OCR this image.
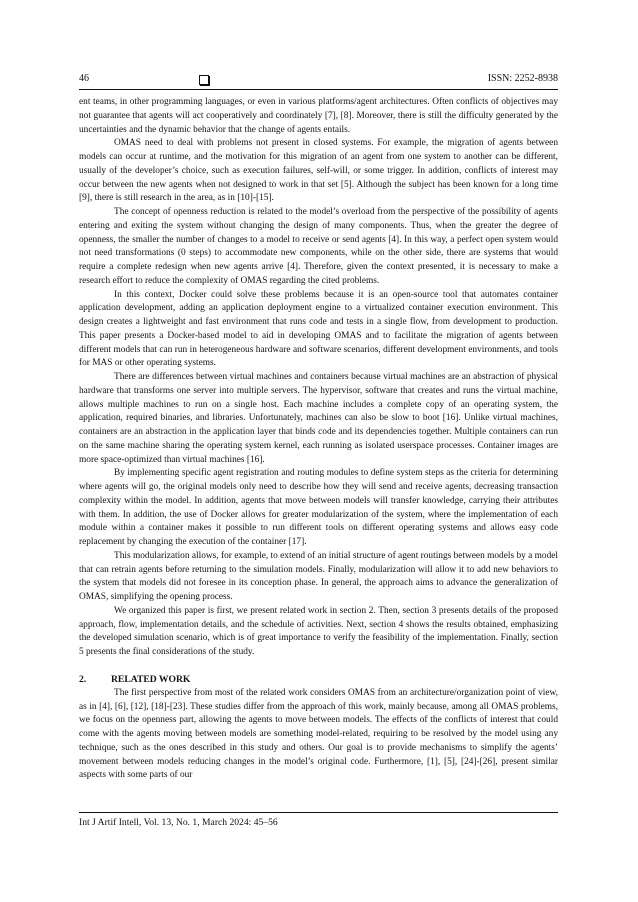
46	ISSN: 2252-8938

ent teams, in other programming languages, or even in various platforms/agent architectures. Often conflicts of objectives may not guarantee that agents will act cooperatively and coordinately [7], [8]. Moreover, there is still the difficulty generated by the uncertainties and the dynamic behavior that the change of agents entails.

OMAS need to deal with problems not present in closed systems. For example, the migration of agents between models can occur at runtime, and the motivation for this migration of an agent from one system to another can be different, usually of the developer’s choice, such as execution failures, self-will, or some trigger. In addition, conflicts of interest may occur between the new agents when not designed to work in that set [5]. Although the subject has been known for a long time [9], there is still research in the area, as in [10]-[15].

The concept of openness reduction is related to the model’s overload from the perspective of the possibility of agents entering and exiting the system without changing the design of many components. Thus, when the greater the degree of openness, the smaller the number of changes to a model to receive or send agents [4]. In this way, a perfect open system would not need transformations (0 steps) to accommodate new components, while on the other side, there are systems that would require a complete redesign when new agents arrive [4]. Therefore, given the context presented, it is necessary to make a research effort to reduce the complexity of OMAS regarding the cited problems.

In this context, Docker could solve these problems because it is an open-source tool that automates container application development, adding an application deployment engine to a virtualized container execution environment. This design creates a lightweight and fast environment that runs code and tests in a single flow, from development to production. This paper presents a Docker-based model to aid in developing OMAS and to facilitate the migration of agents between different models that can run in heterogeneous hardware and software scenarios, different development environments, and tools for MAS or other operating systems.

There are differences between virtual machines and containers because virtual machines are an abstraction of physical hardware that transforms one server into multiple servers. The hypervisor, software that creates and runs the virtual machine, allows multiple machines to run on a single host. Each machine includes a complete copy of an operating system, the application, required binaries, and libraries. Unfortunately, machines can also be slow to boot [16]. Unlike virtual machines, containers are an abstraction in the application layer that binds code and its dependencies together. Multiple containers can run on the same machine sharing the operating system kernel, each running as isolated userspace processes. Container images are more space-optimized than virtual machines [16].

By implementing specific agent registration and routing modules to define system steps as the criteria for determining where agents will go, the original models only need to describe how they will send and receive agents, decreasing transaction complexity within the model. In addition, agents that move between models will transfer knowledge, carrying their attributes with them. In addition, the use of Docker allows for greater modularization of the system, where the implementation of each module within a container makes it possible to run different tools on different operating systems and allows easy code replacement by changing the execution of the container [17].

This modularization allows, for example, to extend of an initial structure of agent routings between models by a model that can retrain agents before returning to the simulation models. Finally, modularization will allow it to add new behaviors to the system that models did not foresee in its conception phase. In general, the approach aims to advance the generalization of OMAS, simplifying the opening process.

We organized this paper is first, we present related work in section 2. Then, section 3 presents details of the proposed approach, flow, implementation details, and the schedule of activities. Next, section 4 shows the results obtained, emphasizing the developed simulation scenario, which is of great importance to verify the feasibility of the implementation. Finally, section 5 presents the final considerations of the study.

2.	RELATED WORK

The first perspective from most of the related work considers OMAS from an architecture/organization point of view, as in [4], [6], [12], [18]-[23]. These studies differ from the approach of this work, mainly because, among all OMAS problems, we focus on the openness part, allowing the agents to move between models. The effects of the conflicts of interest that could come with the agents moving between models are something model-related, requiring to be resolved by the model using any technique, such as the ones described in this study and others. Our goal is to provide mechanisms to simplify the agents’ movement between models reducing changes in the model’s original code. Furthermore, [1], [5], [24]-[26], present similar aspects with some parts of our

Int J Artif Intell, Vol. 13, No. 1, March 2024: 45–56
